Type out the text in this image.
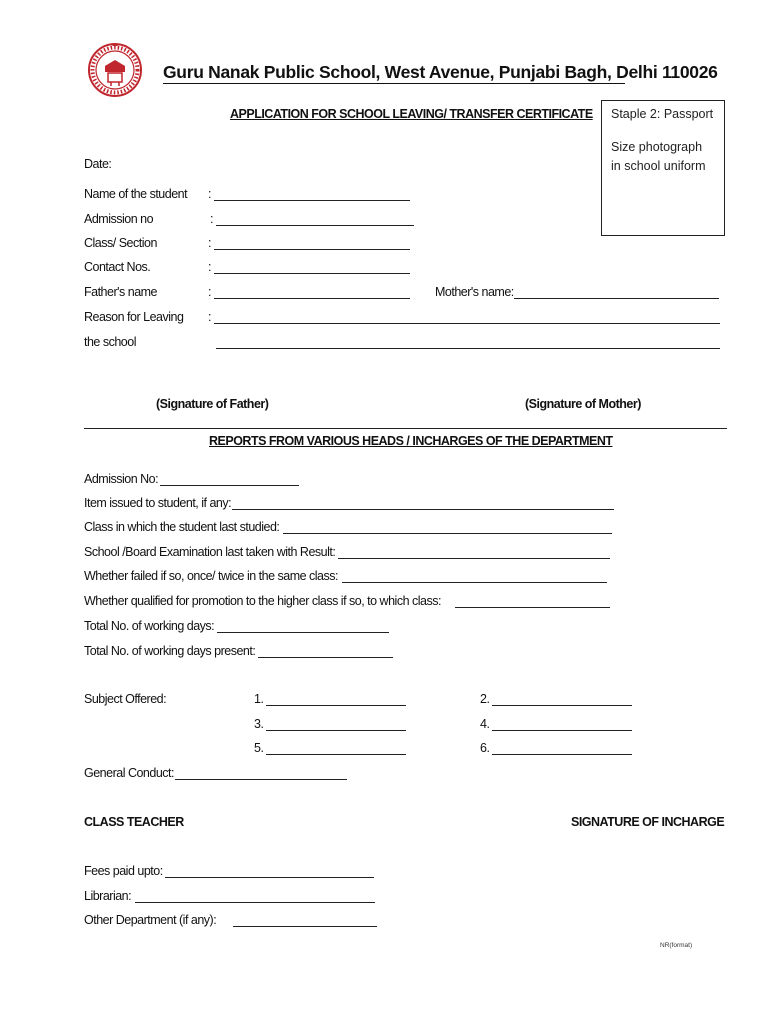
Guru Nanak Public School, West Avenue, Punjabi Bagh, Delhi 110026
APPLICATION FOR SCHOOL LEAVING/ TRANSFER CERTIFICATE Staple 2: Passport
Size photograph
in school uniform
Date:
Name of the student :
Admission no	:
Class/ Section	:
Contact Nos.	:
Father's name	:	Mother's name:
Reason for Leaving :
the school
(Signature of Father)	(Signature of Mother)
REPORTS FROM VARIOUS HEADS / INCHARGES OF THE DEPARTMENT
Admission No:
Item issued to student, if any:
Class in which the student last studied:
School /Board Examination last taken with Result:
Whether failed if so, once/ twice in the same class:
Whether qualified for promotion to the higher class if so, to which class:
Total No. of working days:
Total No. of working days present:
Subject Offered:	1.	2.
3.	4.
5.	6.
General Conduct:
CLASS TEACHER	SIGNATURE OF INCHARGE
Fees paid upto:
Librarian:
Other Department (if any):
NR(format)
